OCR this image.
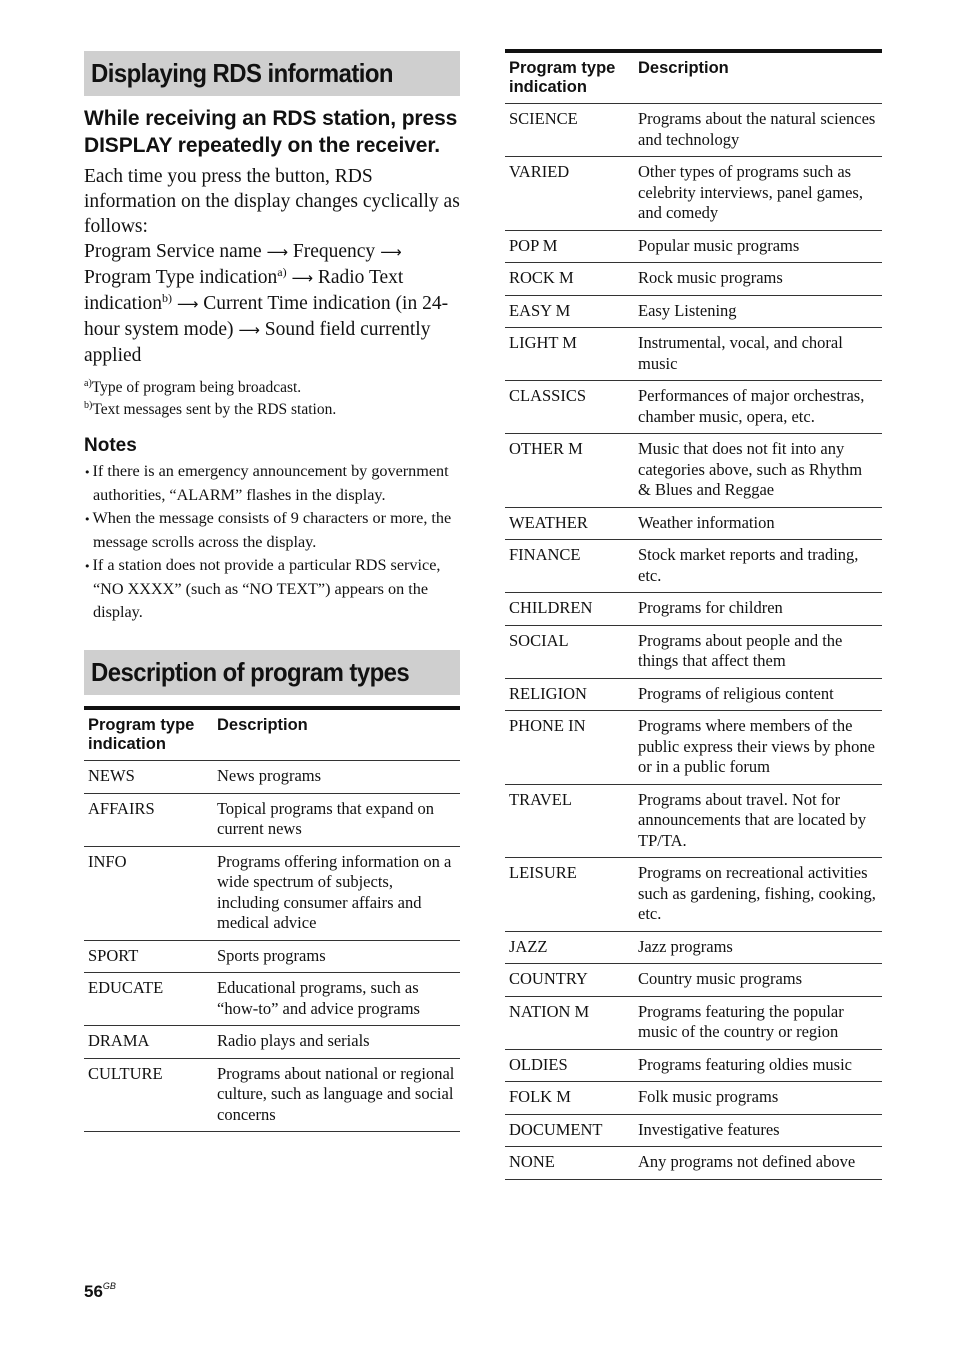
Displaying RDS information
While receiving an RDS station, press DISPLAY repeatedly on the receiver.
Each time you press the button, RDS information on the display changes cyclically as follows:
Program Service name ⟶ Frequency ⟶ Program Type indication$^{a)}$ ⟶ Radio Text indication$^{b)}$ ⟶ Current Time indication (in 24-hour system mode) ⟶ Sound field currently applied
$^{a)}$Type of program being broadcast.
$^{b)}$Text messages sent by the RDS station.
Notes
• If there is an emergency announcement by government authorities, “ALARM” flashes in the display.
• When the message consists of 9 characters or more, the message scrolls across the display.
• If a station does not provide a particular RDS service, “NO XXXX” (such as “NO TEXT”) appears on the display.
Description of program types
Program type indication	Description
NEWS	News programs
AFFAIRS	Topical programs that expand on current news
INFO	Programs offering information on a wide spectrum of subjects, including consumer affairs and medical advice
SPORT	Sports programs
EDUCATE	Educational programs, such as “how-to” and advice programs
DRAMA	Radio plays and serials
CULTURE	Programs about national or regional culture, such as language and social concerns
Program type indication	Description
SCIENCE	Programs about the natural sciences and technology
VARIED	Other types of programs such as celebrity interviews, panel games, and comedy
POP M	Popular music programs
ROCK M	Rock music programs
EASY M	Easy Listening
LIGHT M	Instrumental, vocal, and choral music
CLASSICS	Performances of major orchestras, chamber music, opera, etc.
OTHER M	Music that does not fit into any categories above, such as Rhythm & Blues and Reggae
WEATHER	Weather information
FINANCE	Stock market reports and trading, etc.
CHILDREN	Programs for children
SOCIAL	Programs about people and the things that affect them
RELIGION	Programs of religious content
PHONE IN	Programs where members of the public express their views by phone or in a public forum
TRAVEL	Programs about travel. Not for announcements that are located by TP/TA.
LEISURE	Programs on recreational activities such as gardening, fishing, cooking, etc.
JAZZ	Jazz programs
COUNTRY	Country music programs
NATION M	Programs featuring the popular music of the country or region
OLDIES	Programs featuring oldies music
FOLK M	Folk music programs
DOCUMENT	Investigative features
NONE	Any programs not defined above
$56^{GB}$
